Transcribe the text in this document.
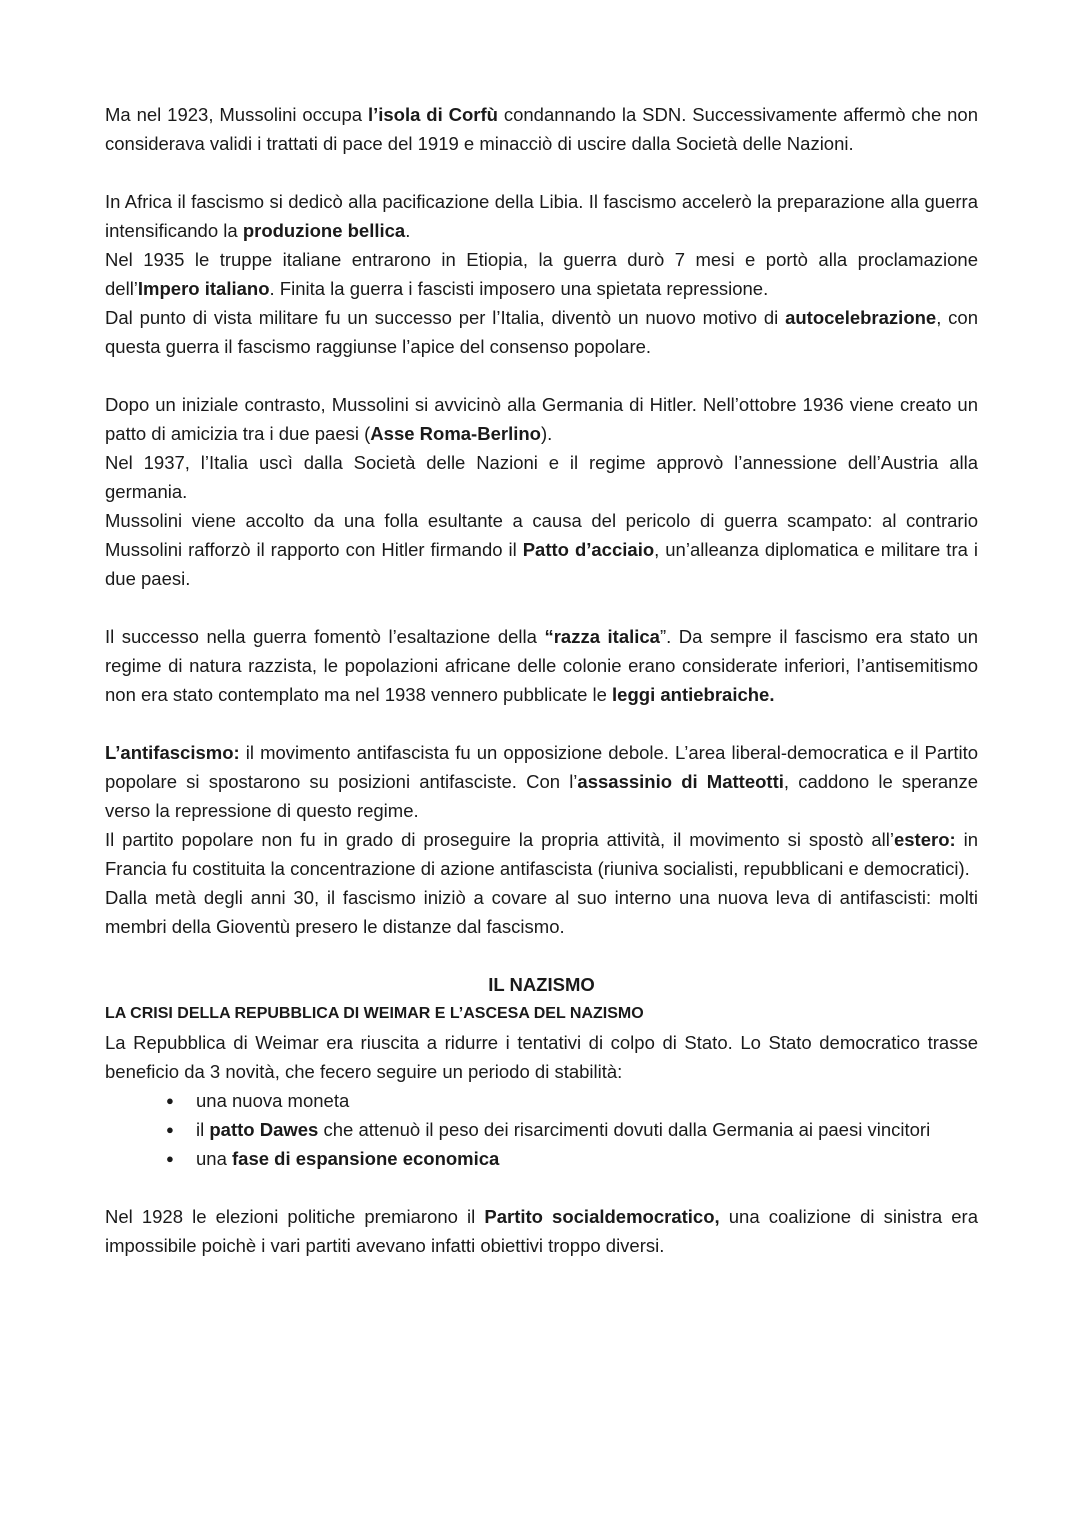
Ma nel 1923, Mussolini occupa l’isola di Corfù condannando la SDN. Successivamente affermò che non considerava validi i trattati di pace del 1919 e minacciò di uscire dalla Società delle Nazioni.

In Africa il fascismo si dedicò alla pacificazione della Libia. Il fascismo accelerò la preparazione alla guerra intensificando la produzione bellica.

Nel 1935 le truppe italiane entrarono in Etiopia, la guerra durò 7 mesi e portò alla proclamazione dell’Impero italiano. Finita la guerra i fascisti imposero una spietata repressione.

Dal punto di vista militare fu un successo per l’Italia, diventò un nuovo motivo di autocelebrazione, con questa guerra il fascismo raggiunse l’apice del consenso popolare.

Dopo un iniziale contrasto, Mussolini si avvicinò alla Germania di Hitler. Nell’ottobre 1936 viene creato un patto di amicizia tra i due paesi (Asse Roma-Berlino).

Nel 1937, l’Italia uscì dalla Società delle Nazioni e il regime approvò l’annessione dell’Austria alla germania.

Mussolini viene accolto da una folla esultante a causa del pericolo di guerra scampato: al contrario Mussolini rafforzò il rapporto con Hitler firmando il Patto d’acciaio, un’alleanza diplomatica e militare tra i due paesi.

Il successo nella guerra fomentò l’esaltazione della “razza italica”. Da sempre il fascismo era stato un regime di natura razzista, le popolazioni africane delle colonie erano considerate inferiori, l’antisemitismo non era stato contemplato ma nel 1938 vennero pubblicate le leggi antiebraiche.

L’antifascismo: il movimento antifascista fu un opposizione debole. L’area liberal-democratica e il Partito popolare si spostarono su posizioni antifasciste. Con l’assassinio di Matteotti, caddono le speranze verso la repressione di questo regime.

Il partito popolare non fu in grado di proseguire la propria attività, il movimento si spostò all’estero: in Francia fu costituita la concentrazione di azione antifascista (riuniva socialisti, repubblicani e democratici).

Dalla metà degli anni 30, il fascismo iniziò a covare al suo interno una nuova leva di antifascisti: molti membri della Gioventù presero le distanze dal fascismo.

IL NAZISMO

LA CRISI DELLA REPUBBLICA DI WEIMAR E L’ASCESA DEL NAZISMO

La Repubblica di Weimar era riuscita a ridurre i tentativi di colpo di Stato. Lo Stato democratico trasse beneficio da 3 novità, che fecero seguire un periodo di stabilità:

● una nuova moneta
● il patto Dawes che attenuò il peso dei risarcimenti dovuti dalla Germania ai paesi vincitori
● una fase di espansione economica

Nel 1928 le elezioni politiche premiarono il Partito socialdemocratico, una coalizione di sinistra era impossibile poichè i vari partiti avevano infatti obiettivi troppo diversi.
